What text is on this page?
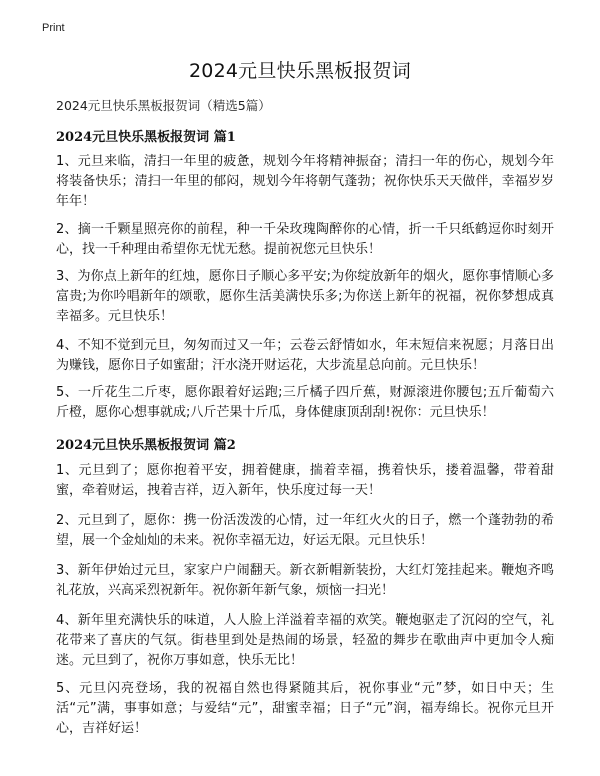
Print
2024元旦快乐黑板报贺词

2024元旦快乐黑板报贺词（精选5篇）

2024元旦快乐黑板报贺词 篇1

1、元旦来临，清扫一年里的疲惫，规划今年将精神振奋；清扫一年的伤心，规划今年将装备快乐；清扫一年里的郁闷，规划今年将朝气蓬勃；祝你快乐天天做伴，幸福岁岁年年！

2、摘一千颗星照亮你的前程，种一千朵玫瑰陶醉你的心情，折一千只纸鹤逗你时刻开心，找一千种理由希望你无忧无愁。提前祝您元旦快乐！

3、为你点上新年的红烛，愿你日子顺心多平安;为你绽放新年的烟火，愿你事情顺心多富贵;为你吟唱新年的颂歌，愿你生活美满快乐多;为你送上新年的祝福，祝你梦想成真幸福多。元旦快乐！

4、不知不觉到元旦，匆匆而过又一年；云卷云舒情如水，年末短信来祝愿；月落日出为赚钱，愿你日子如蜜甜；汗水浇开财运花，大步流星总向前。元旦快乐！

5、一斤花生二斤枣，愿你跟着好运跑;三斤橘子四斤蕉，财源滚进你腰包;五斤葡萄六斤橙，愿你心想事就成;八斤芒果十斤瓜，身体健康顶刮刮!祝你：元旦快乐！

2024元旦快乐黑板报贺词 篇2

1、元旦到了；愿你抱着平安，拥着健康，揣着幸福，携着快乐，搂着温馨，带着甜蜜，牵着财运，拽着吉祥，迈入新年，快乐度过每一天！

2、元旦到了，愿你：携一份活泼泼的心情，过一年红火火的日子，燃一个蓬勃勃的希望，展一个金灿灿的未来。祝你幸福无边，好运无限。元旦快乐！

3、新年伊始过元旦，家家户户闹翻天。新衣新帽新装扮，大红灯笼挂起来。鞭炮齐鸣礼花放，兴高采烈祝新年。祝你新年新气象，烦恼一扫光！

4、新年里充满快乐的味道，人人脸上洋溢着幸福的欢笑。鞭炮驱走了沉闷的空气，礼花带来了喜庆的气氛。街巷里到处是热闹的场景，轻盈的舞步在歌曲声中更加令人痴迷。元旦到了，祝你万事如意，快乐无比！

5、元旦闪亮登场，我的祝福自然也得紧随其后，祝你事业“元”梦，如日中天；生活“元”满，事事如意；与爱结“元”，甜蜜幸福；日子“元”润，福寿绵长。祝你元旦开心，吉祥好运！
